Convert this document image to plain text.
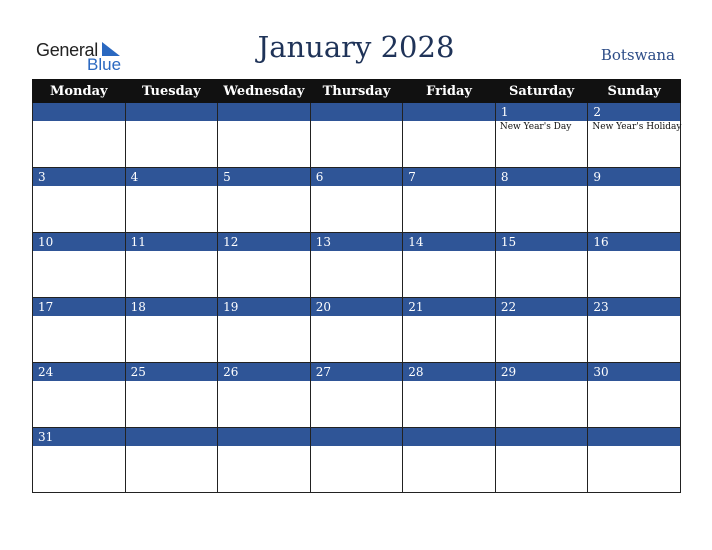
General
Blue
January 2028	Botswana
Monday	Tuesday	Wednesday	Thursday	Friday	Saturday	Sunday
					1	2

					New Year's Day	New Year's Holiday

3	4	5	6	7	8	9

10	11	12	13	14	15	16

17	18	19	20	21	22	23

24	25	26	27	28	29	30

31						
